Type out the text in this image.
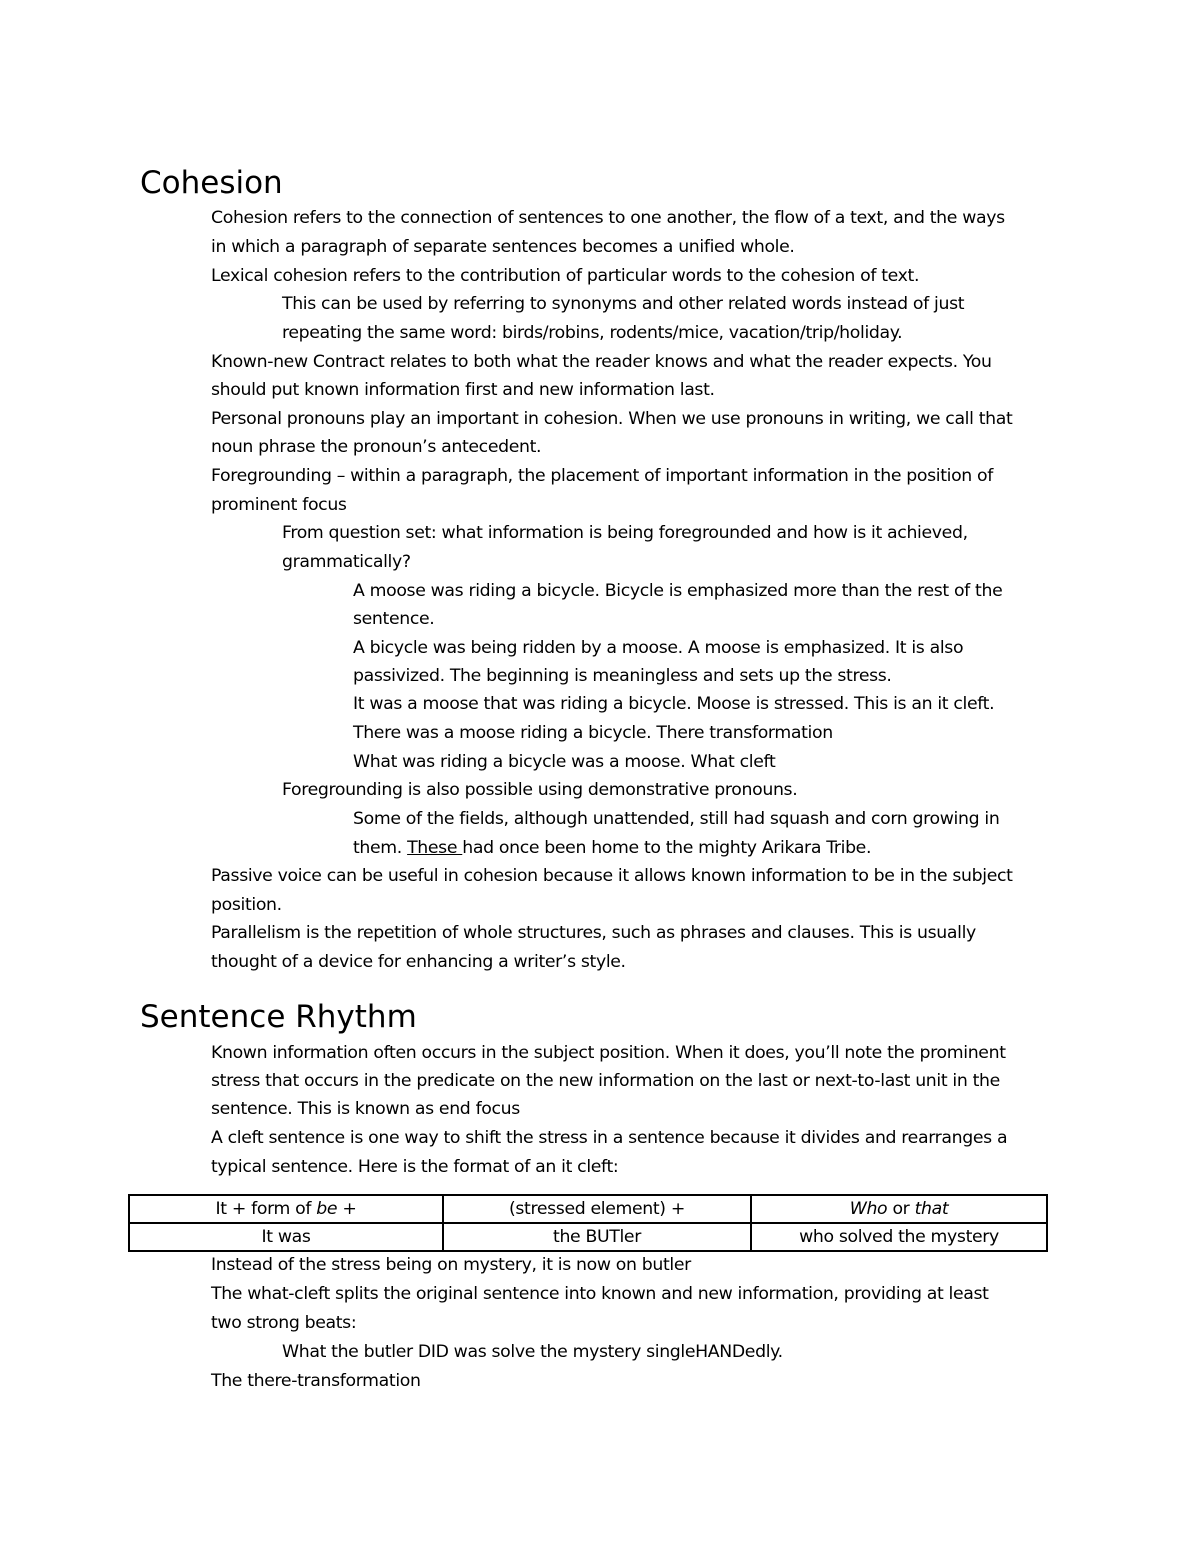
Cohesion

Cohesion refers to the connection of sentences to one another, the flow of a text, and the ways

in which a paragraph of separate sentences becomes a unified whole.

Lexical cohesion refers to the contribution of particular words to the cohesion of text.

This can be used by referring to synonyms and other related words instead of just

repeating the same word: birds/robins, rodents/mice, vacation/trip/holiday.

Known-new Contract relates to both what the reader knows and what the reader expects. You

should put known information first and new information last.

Personal pronouns play an important in cohesion. When we use pronouns in writing, we call that

noun phrase the pronoun’s antecedent.

Foregrounding – within a paragraph, the placement of important information in the position of

prominent focus

From question set: what information is being foregrounded and how is it achieved,

grammatically?

A moose was riding a bicycle. Bicycle is emphasized more than the rest of the

sentence.

A bicycle was being ridden by a moose. A moose is emphasized. It is also

passivized. The beginning is meaningless and sets up the stress.

It was a moose that was riding a bicycle. Moose is stressed. This is an it cleft.

There was a moose riding a bicycle. There transformation

What was riding a bicycle was a moose. What cleft

Foregrounding is also possible using demonstrative pronouns.

Some of the fields, although unattended, still had squash and corn growing in

them. These had once been home to the mighty Arikara Tribe.

Passive voice can be useful in cohesion because it allows known information to be in the subject

position.

Parallelism is the repetition of whole structures, such as phrases and clauses. This is usually

thought of a device for enhancing a writer’s style.

Sentence Rhythm

Known information often occurs in the subject position. When it does, you’ll note the prominent

stress that occurs in the predicate on the new information on the last or next-to-last unit in the

sentence. This is known as end focus

A cleft sentence is one way to shift the stress in a sentence because it divides and rearranges a

typical sentence. Here is the format of an it cleft:

It + form of be +	(stressed element) +	Who or that
It was	the BUTler	who solved the mystery

Instead of the stress being on mystery, it is now on butler

The what-cleft splits the original sentence into known and new information, providing at least

two strong beats:

What the butler DID was solve the mystery singleHANDedly.

The there-transformation
